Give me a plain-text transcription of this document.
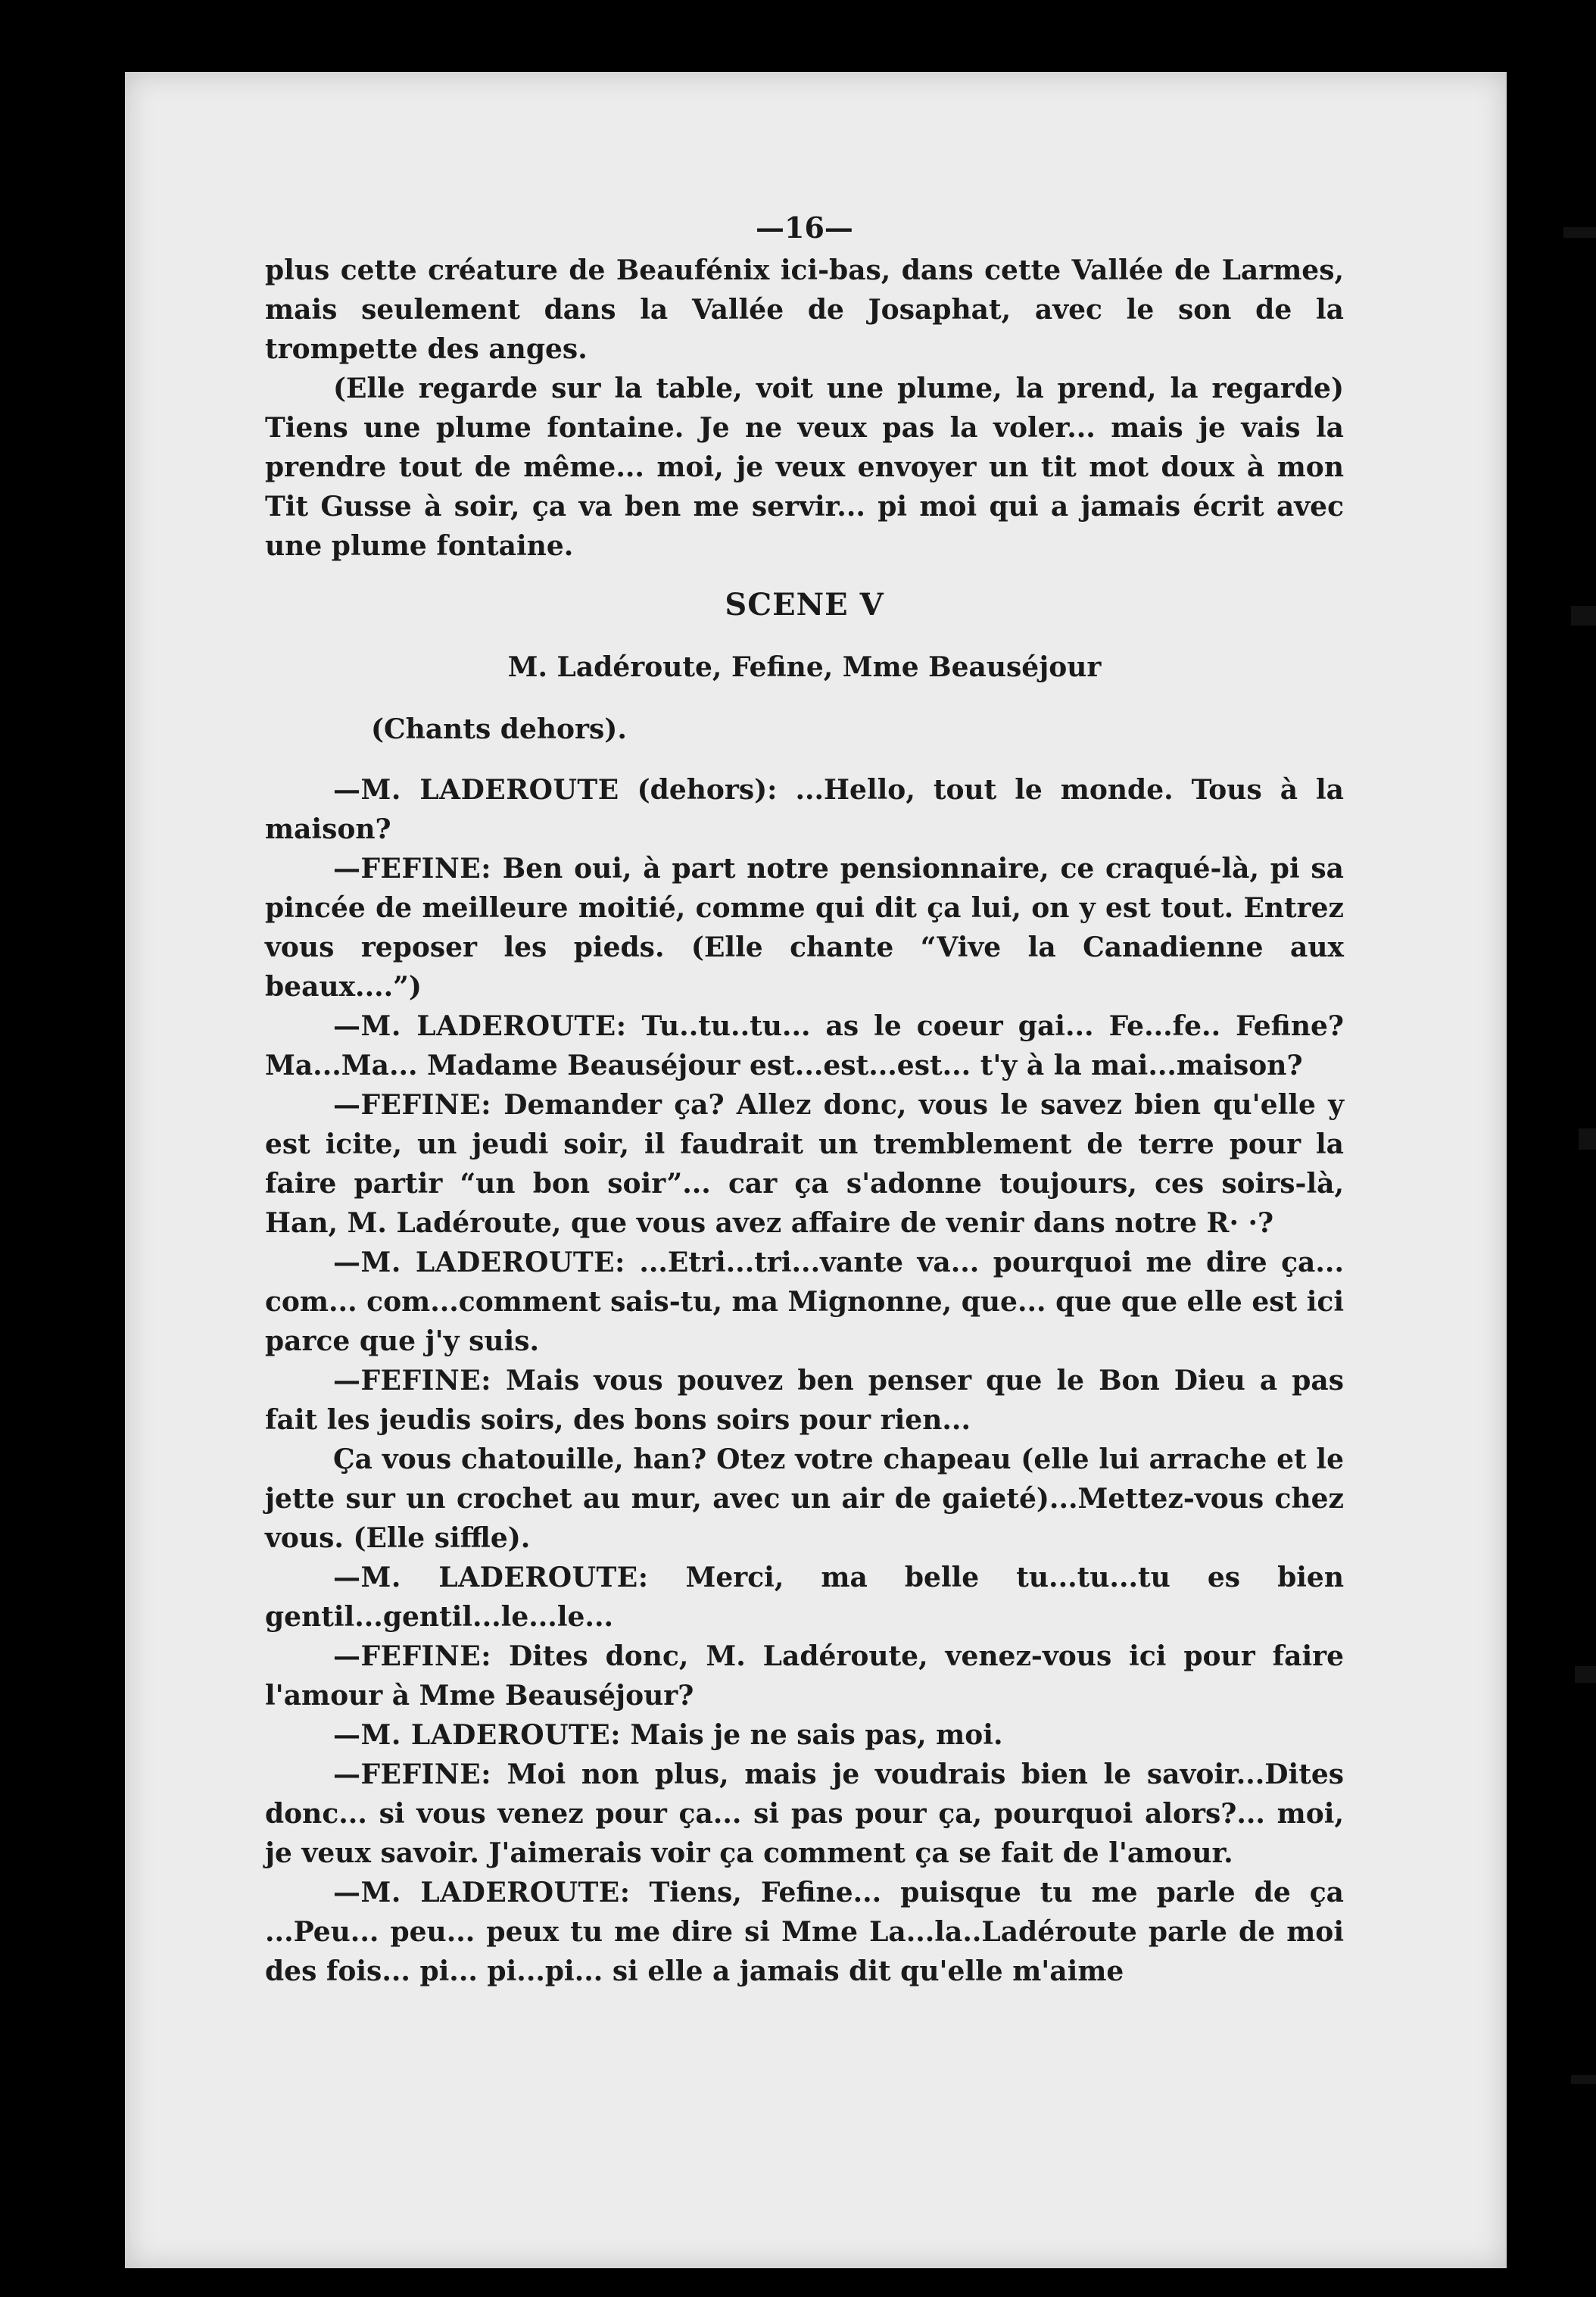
—16—

plus cette créature de Beaufénix ici-bas, dans cette Vallée de Larmes, mais seulement dans la Vallée de Josaphat, avec le son de la trompette des anges.

(Elle regarde sur la table, voit une plume, la prend, la regarde) Tiens une plume fontaine. Je ne veux pas la voler... mais je vais la prendre tout de même... moi, je veux envoyer un tit mot doux à mon Tit Gusse à soir, ça va ben me servir... pi moi qui a jamais écrit avec une plume fontaine.

SCENE V
M. Ladéroute, Fefine, Mme Beauséjour
(Chants dehors).

—M. LADEROUTE (dehors): ...Hello, tout le monde. Tous à la maison?

—FEFINE: Ben oui, à part notre pensionnaire, ce craqué-là, pi sa pincée de meilleure moitié, comme qui dit ça lui, on y est tout. Entrez vous reposer les pieds. (Elle chante “Vive la Canadienne aux beaux....”)

—M. LADEROUTE: Tu..tu..tu... as le coeur gai... Fe...fe.. Fefine? Ma...Ma... Madame Beauséjour est...est...est... t'y à la mai...maison?

—FEFINE: Demander ça? Allez donc, vous le savez bien qu'elle y est icite, un jeudi soir, il faudrait un tremblement de terre pour la faire partir “un bon soir”... car ça s'adonne toujours, ces soirs-là, Han, M. Ladéroute, que vous avez affaire de venir dans notre R· ·?

—M. LADEROUTE: ...Etri...tri...vante va... pourquoi me dire ça... com... com...comment sais-tu, ma Mignonne, que... que que elle est ici parce que j'y suis.

—FEFINE: Mais vous pouvez ben penser que le Bon Dieu a pas fait les jeudis soirs, des bons soirs pour rien...

Ça vous chatouille, han? Otez votre chapeau (elle lui arrache et le jette sur un crochet au mur, avec un air de gaieté)...Mettez-vous chez vous. (Elle siffle).

—M. LADEROUTE: Merci, ma belle tu...tu...tu es bien gentil...gentil...le...le...

—FEFINE: Dites donc, M. Ladéroute, venez-vous ici pour faire l'amour à Mme Beauséjour?

—M. LADEROUTE: Mais je ne sais pas, moi.

—FEFINE: Moi non plus, mais je voudrais bien le savoir...Dites donc... si vous venez pour ça... si pas pour ça, pourquoi alors?... moi, je veux savoir. J'aimerais voir ça comment ça se fait de l'amour.

—M. LADEROUTE: Tiens, Fefine... puisque tu me parle de ça ...Peu... peu... peux tu me dire si Mme La...la..Ladéroute parle de moi des fois... pi... pi...pi... si elle a jamais dit qu'elle m'aime
